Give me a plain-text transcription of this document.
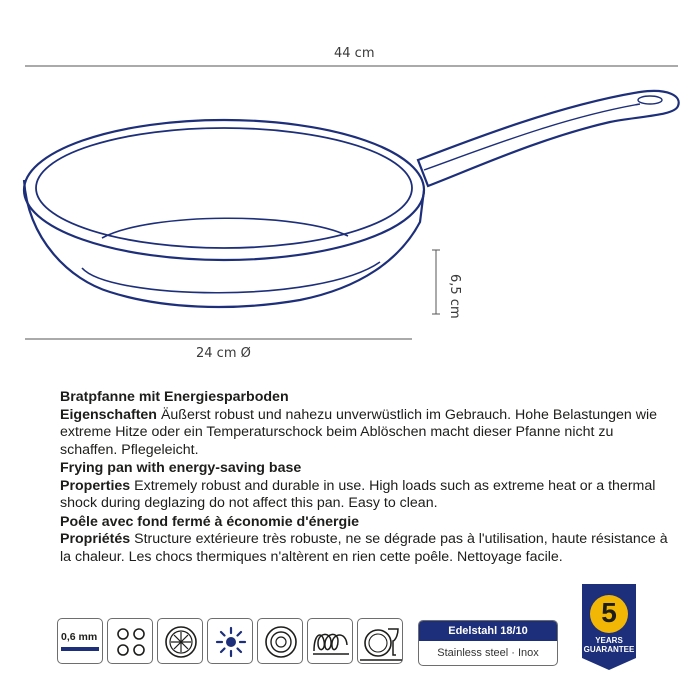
44 cm
6,5 cm
24 cm Ø
Bratpfanne mit Energiesparboden
Eigenschaften Äußerst robust und nahezu unverwüstlich im Gebrauch. Hohe Belastungen wie extreme Hitze oder ein Temperaturschock beim Ablöschen macht dieser Pfanne nicht zu schaffen. Pflegeleicht.
Frying pan with energy-saving base
Properties Extremely robust and durable in use. High loads such as extreme heat or a thermal shock during deglazing do not affect this pan. Easy to clean.
Poêle avec fond fermé à économie d'énergie
Propriétés Structure extérieure très robuste, ne se dégrade pas à l'utilisation, haute résistance à la chaleur. Les chocs thermiques n'altèrent en rien cette poêle. Nettoyage facile.
0,6 mm	Edelstahl 18/10
Stainless steel · Inox
5
YEARS
GUARANTEE
